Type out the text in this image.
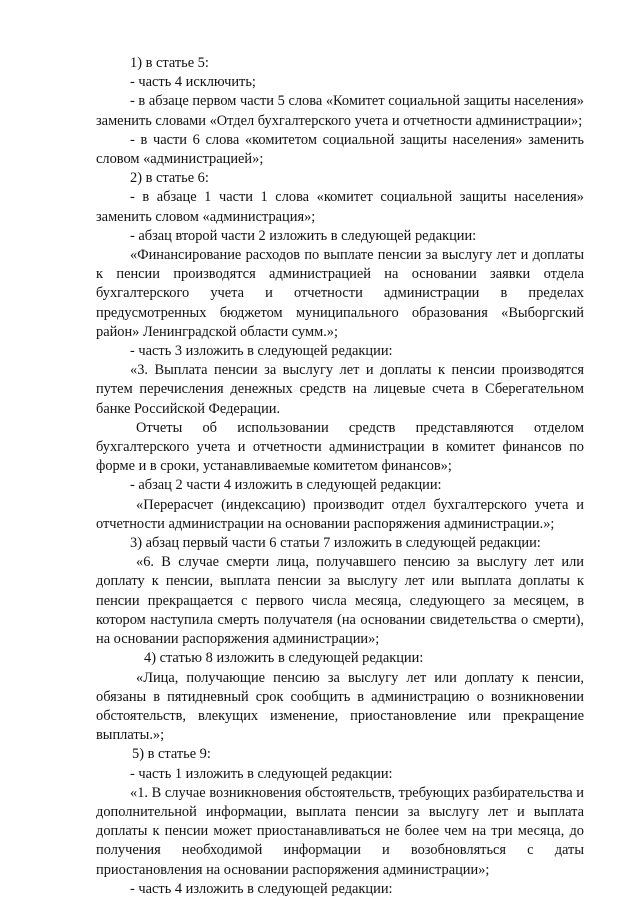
1) в статье 5:

- часть 4 исключить;

- в абзаце первом части 5 слова «Комитет социальной защиты населения» заменить словами «Отдел бухгалтерского учета и отчетности администрации»;

- в части 6 слова «комитетом социальной защиты населения» заменить словом «администрацией»;

2) в статье 6:

- в абзаце 1 части 1 слова «комитет социальной защиты населения» заменить словом «администрация»;

- абзац второй части 2 изложить в следующей редакции:

«Финансирование расходов по выплате пенсии за выслугу лет и доплаты к пенсии производятся администрацией на основании заявки отдела бухгалтерского учета и отчетности администрации в пределах предусмотренных бюджетом муниципального образования «Выборгский район» Ленинградской области сумм.»;

- часть 3 изложить в следующей редакции:

«3. Выплата пенсии за выслугу лет и доплаты к пенсии производятся путем перечисления денежных средств на лицевые счета в Сберегательном банке Российской Федерации.

Отчеты об использовании средств представляются отделом бухгалтерского учета и отчетности администрации в комитет финансов по форме и в сроки, устанавливаемые комитетом финансов»;

- абзац 2 части 4 изложить в следующей редакции:

«Перерасчет (индексацию) производит отдел бухгалтерского учета и отчетности администрации на основании распоряжения администрации.»;

3) абзац первый части 6 статьи 7 изложить в следующей редакции:

«6. В случае смерти лица, получавшего пенсию за выслугу лет или доплату к пенсии, выплата пенсии за выслугу лет или выплата доплаты к пенсии прекращается с первого числа месяца, следующего за месяцем, в котором наступила смерть получателя (на основании свидетельства о смерти), на основании распоряжения администрации»;

4) статью 8 изложить в следующей редакции:

«Лица, получающие пенсию за выслугу лет или доплату к пенсии, обязаны в пятидневный срок сообщить в администрацию о возникновении обстоятельств, влекущих изменение, приостановление или прекращение выплаты.»;

5) в статье 9:

- часть 1 изложить в следующей редакции:

«1. В случае возникновения обстоятельств, требующих разбирательства и дополнительной информации, выплата пенсии за выслугу лет и выплата доплаты к пенсии может приостанавливаться не более чем на три месяца, до получения необходимой информации и возобновляться с даты приостановления на основании распоряжения администрации»;

- часть 4 изложить в следующей редакции:
